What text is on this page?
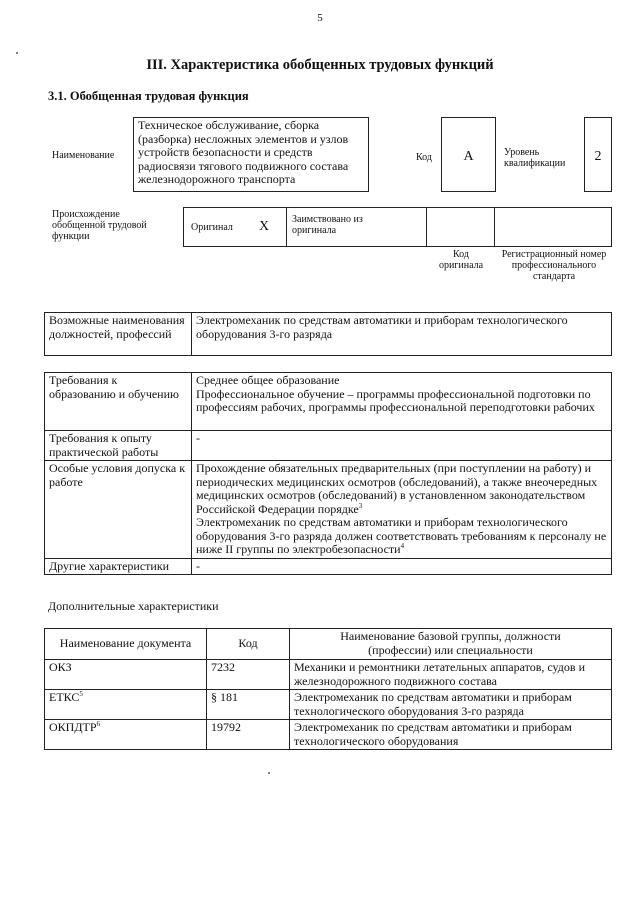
5
III. Характеристика обобщенных трудовых функций
3.1. Обобщенная трудовая функция
Наименование
Техническое обслуживание, сборка (разборка) несложных элементов и узлов устройств безопасности и средств радиосвязи тягового подвижного состава железнодорожного транспорта
Код	А	Уровень квалификации	2
Происхождение обобщенной трудовой функции
Оригинал X Заимствовано из оригинала
Код оригинала
Регистрационный номер профессионального стандарта
Возможные наименования должностей, профессий	Электромеханик по средствам автоматики и приборам технологического оборудования 3-го разряда
Требования к образованию и обучению	Среднее общее образование
Профессиональное обучение – программы профессиональной подготовки по профессиям рабочих, программы профессиональной переподготовки рабочих

Требования к опыту практической работы	-
Особые условия допуска к работе	Прохождение обязательных предварительных (при поступлении на работу) и периодических медицинских осмотров (обследований), а также внеочередных медицинских осмотров (обследований) в установленном законодательством Российской Федерации порядке$^3$
Электромеханик по средствам автоматики и приборам технологического оборудования 3-го разряда должен соответствовать требованиям к персоналу не ниже II группы по электробезопасности$^4$

Другие характеристики	-
Дополнительные характеристики
Наименование документа	Код	Наименование базовой группы, должности (профессии) или специальности
ОКЗ	7232	Механики и ремонтники летательных аппаратов, судов и железнодорожного подвижного состава
ЕТКС$^5$	§ 181	Электромеханик по средствам автоматики и приборам технологического оборудования 3-го разряда
ОКПДТР$^6$	19792	Электромеханик по средствам автоматики и приборам технологического оборудования
